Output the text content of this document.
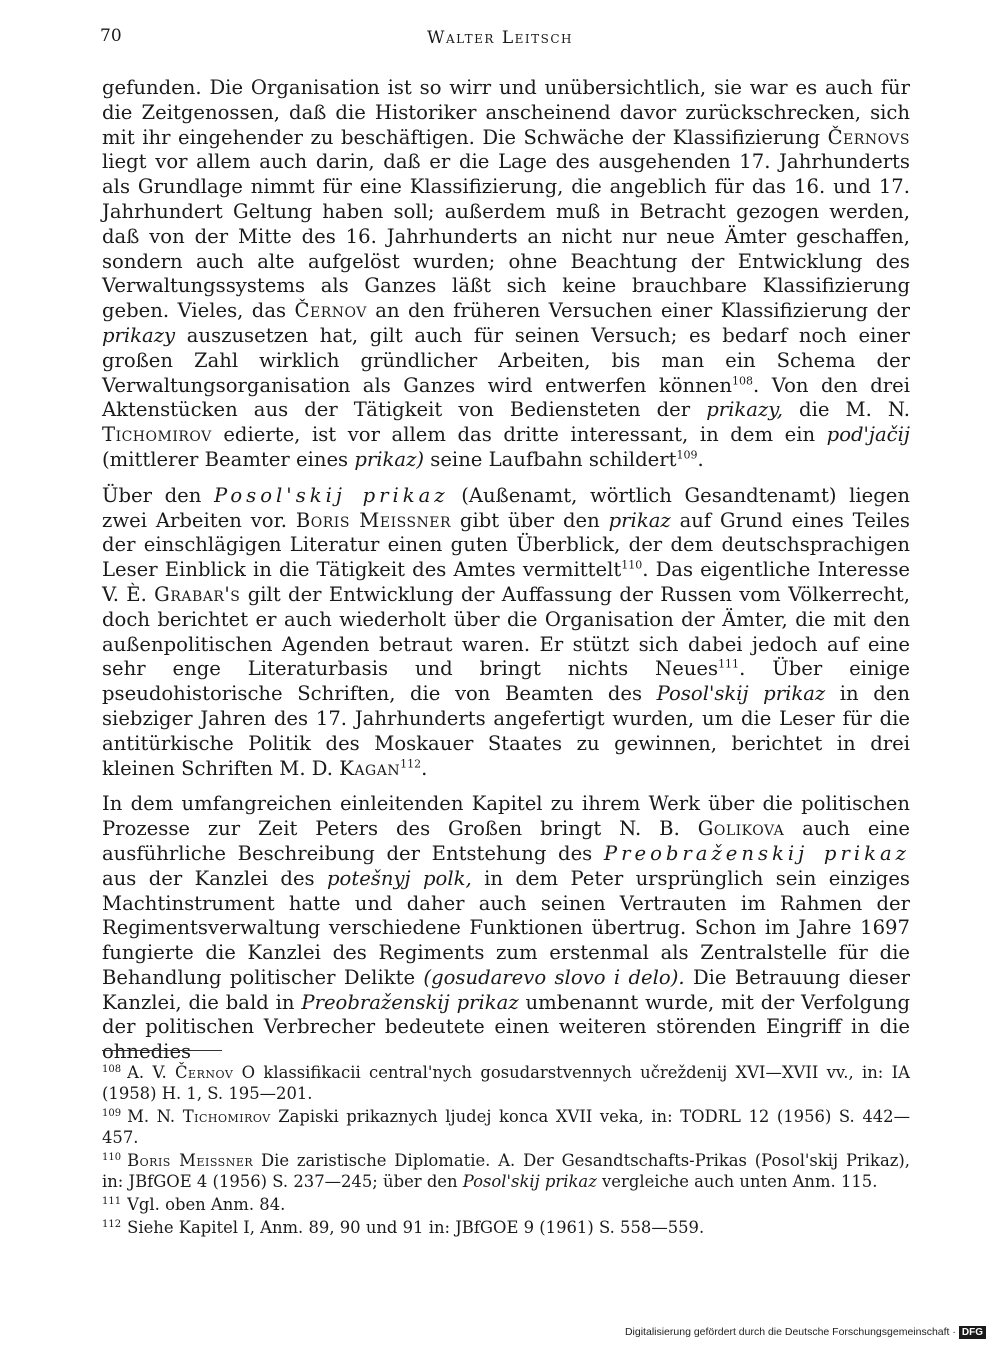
70	Walter Leitsch

gefunden. Die Organisation ist so wirr und unübersichtlich, sie war es auch für die Zeitgenossen, daß die Historiker anscheinend davor zurückschrecken, sich mit ihr eingehender zu beschäftigen. Die Schwäche der Klassifizierung Černovs liegt vor allem auch darin, daß er die Lage des ausgehenden 17. Jahrhunderts als Grundlage nimmt für eine Klassifizierung, die angeblich für das 16. und 17. Jahrhundert Geltung haben soll; außerdem muß in Betracht gezogen werden, daß von der Mitte des 16. Jahrhunderts an nicht nur neue Ämter geschaffen, sondern auch alte aufgelöst wurden; ohne Beachtung der Entwicklung des Verwaltungssystems als Ganzes läßt sich keine brauchbare Klassifizierung geben. Vieles, das Černov an den früheren Versuchen einer Klassifizierung der prikazy auszusetzen hat, gilt auch für seinen Versuch; es bedarf noch einer großen Zahl wirklich gründlicher Arbeiten, bis man ein Schema der Verwaltungsorganisation als Ganzes wird entwerfen können$^{108}$. Von den drei Aktenstücken aus der Tätigkeit von Bediensteten der prikazy, die M. N. Tichomirov edierte, ist vor allem das dritte interessant, in dem ein pod'jačij (mittlerer Beamter eines prikaz) seine Laufbahn schildert$^{109}$.

Über den Posol'skij prikaz (Außenamt, wörtlich Gesandtenamt) liegen zwei Arbeiten vor. Boris Meissner gibt über den prikaz auf Grund eines Teiles der einschlägigen Literatur einen guten Überblick, der dem deutschsprachigen Leser Einblick in die Tätigkeit des Amtes vermittelt$^{110}$. Das eigentliche Interesse V. È. Grabar's gilt der Entwicklung der Auffassung der Russen vom Völkerrecht, doch berichtet er auch wiederholt über die Organisation der Ämter, die mit den außenpolitischen Agenden betraut waren. Er stützt sich dabei jedoch auf eine sehr enge Literaturbasis und bringt nichts Neues$^{111}$. Über einige pseudohistorische Schriften, die von Beamten des Posol'skij prikaz in den siebziger Jahren des 17. Jahrhunderts angefertigt wurden, um die Leser für die antitürkische Politik des Moskauer Staates zu gewinnen, berichtet in drei kleinen Schriften M. D. Kagan$^{112}$.

In dem umfangreichen einleitenden Kapitel zu ihrem Werk über die politischen Prozesse zur Zeit Peters des Großen bringt N. B. Golikova auch eine ausführliche Beschreibung der Entstehung des Preobraženskij prikaz aus der Kanzlei des potešnyj polk, in dem Peter ursprünglich sein einziges Machtinstrument hatte und daher auch seinen Vertrauten im Rahmen der Regimentsverwaltung verschiedene Funktionen übertrug. Schon im Jahre 1697 fungierte die Kanzlei des Regiments zum erstenmal als Zentralstelle für die Behandlung politischer Delikte (gosudarevo slovo i delo). Die Betrauung dieser Kanzlei, die bald in Preobraženskij prikaz umbenannt wurde, mit der Verfolgung der politischen Verbrecher bedeutete einen weiteren störenden Eingriff in die ohnedies

$^{108}$ A. V. Černov O klassifikacii central'nych gosudarstvennych učreždenij XVI—XVII vv., in: IA (1958) H. 1, S. 195—201.
$^{109}$ M. N. Tichomirov Zapiski prikaznych ljudej konca XVII veka, in: TODRL 12 (1956) S. 442—457.
$^{110}$ Boris Meissner Die zaristische Diplomatie. A. Der Gesandtschafts-Prikas (Posol'skij Prikaz), in: JBfGOE 4 (1956) S. 237—245; über den Posol'skij prikaz vergleiche auch unten Anm. 115.
$^{111}$ Vgl. oben Anm. 84.
$^{112}$ Siehe Kapitel I, Anm. 89, 90 und 91 in: JBfGOE 9 (1961) S. 558—559.
Digitalisierung gefördert durch die Deutsche Forschungsgemeinschaft · DFG
